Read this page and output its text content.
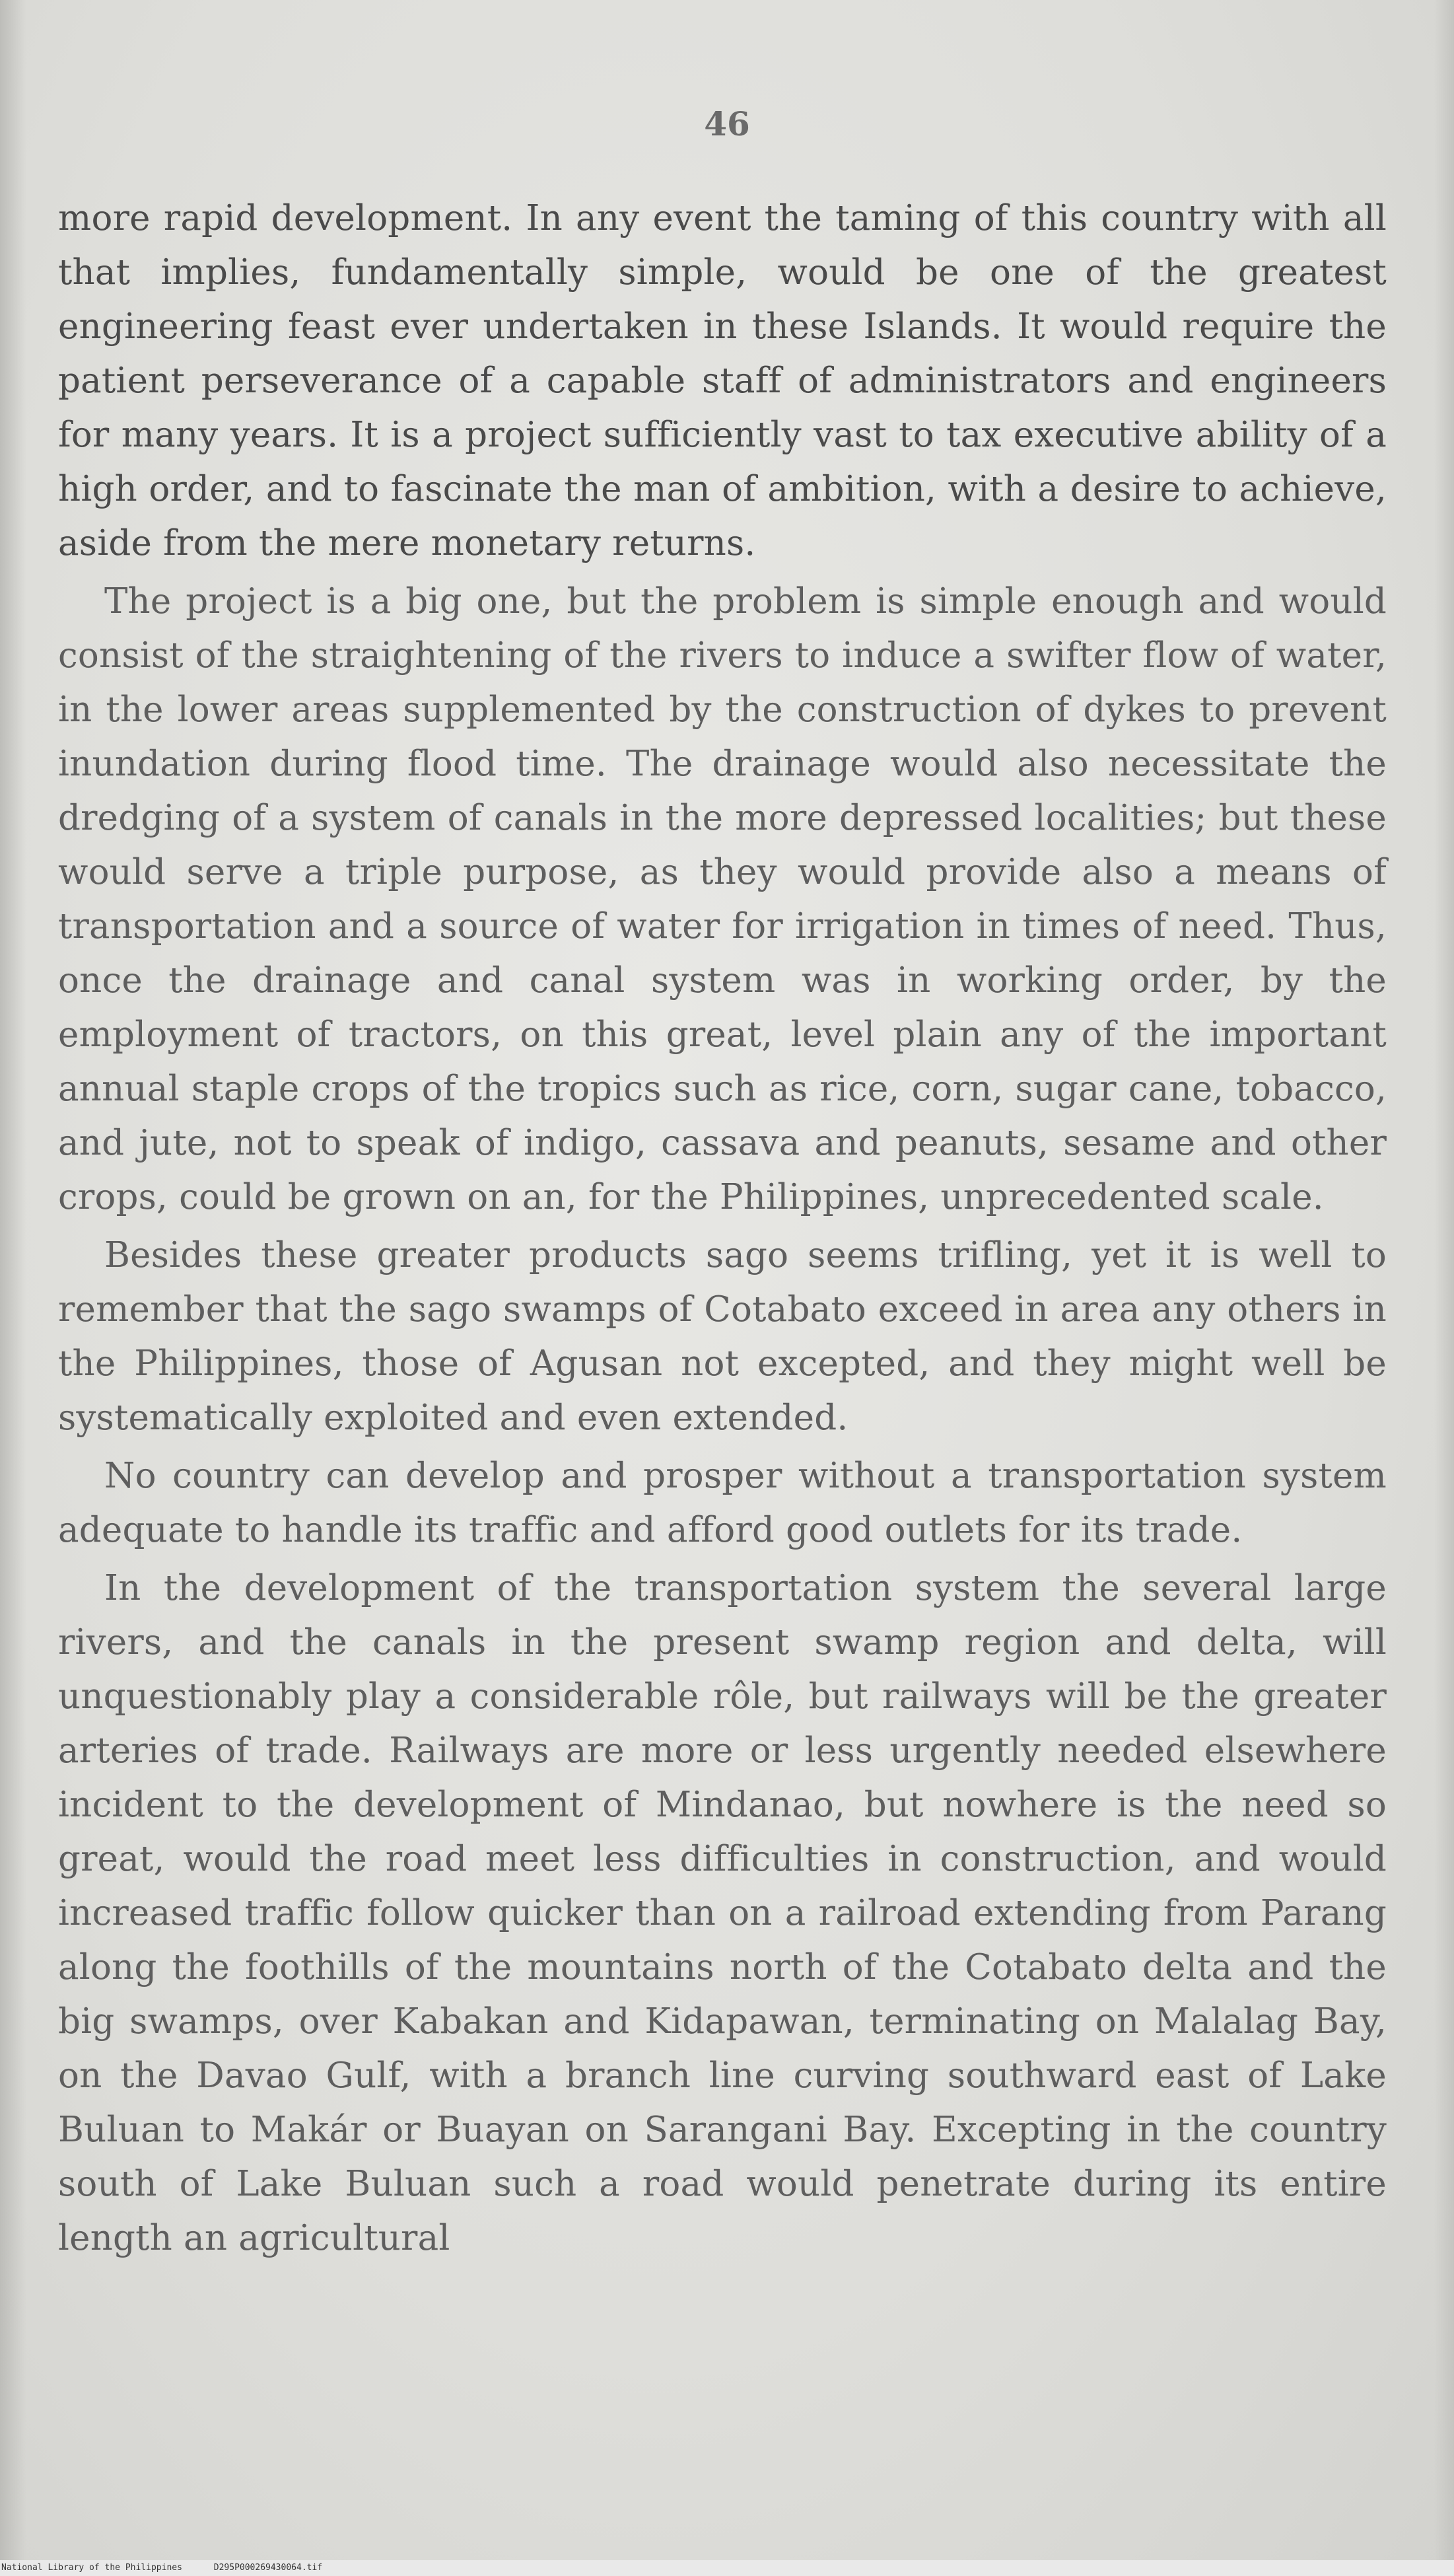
46

more rapid development. In any event the taming of this country with all that implies, fundamentally simple, would be one of the greatest engineering feast ever undertaken in these Islands. It would require the patient perseverance of a capable staff of administrators and engineers for many years. It is a project sufficiently vast to tax executive ability of a high order, and to fascinate the man of ambition, with a desire to achieve, aside from the mere monetary returns.

The project is a big one, but the problem is simple enough and would consist of the straightening of the rivers to induce a swifter flow of water, in the lower areas supplemented by the construction of dykes to prevent inundation during flood time. The drainage would also necessitate the dredging of a system of canals in the more depressed localities; but these would serve a triple purpose, as they would provide also a means of transportation and a source of water for irrigation in times of need. Thus, once the drainage and canal system was in working order, by the employment of tractors, on this great, level plain any of the important annual staple crops of the tropics such as rice, corn, sugar cane, tobacco, and jute, not to speak of indigo, cassava and peanuts, sesame and other crops, could be grown on an, for the Philippines, unprecedented scale.

Besides these greater products sago seems trifling, yet it is well to remember that the sago swamps of Cotabato exceed in area any others in the Philippines, those of Agusan not excepted, and they might well be systematically exploited and even extended.

No country can develop and prosper without a transportation system adequate to handle its traffic and afford good outlets for its trade.

In the development of the transportation system the several large rivers, and the canals in the present swamp region and delta, will unquestionably play a considerable rôle, but railways will be the greater arteries of trade. Railways are more or less urgently needed elsewhere incident to the development of Mindanao, but nowhere is the need so great, would the road meet less difficulties in construction, and would increased traffic follow quicker than on a railroad extending from Parang along the foothills of the mountains north of the Cotabato delta and the big swamps, over Kabakan and Kidapawan, terminating on Malalag Bay, on the Davao Gulf, with a branch line curving southward east of Lake Buluan to Makár or Buayan on Sarangani Bay. Excepting in the country south of Lake Buluan such a road would penetrate during its entire length an agricultural

National Library of the Philippines	D295P000269430064.tif
